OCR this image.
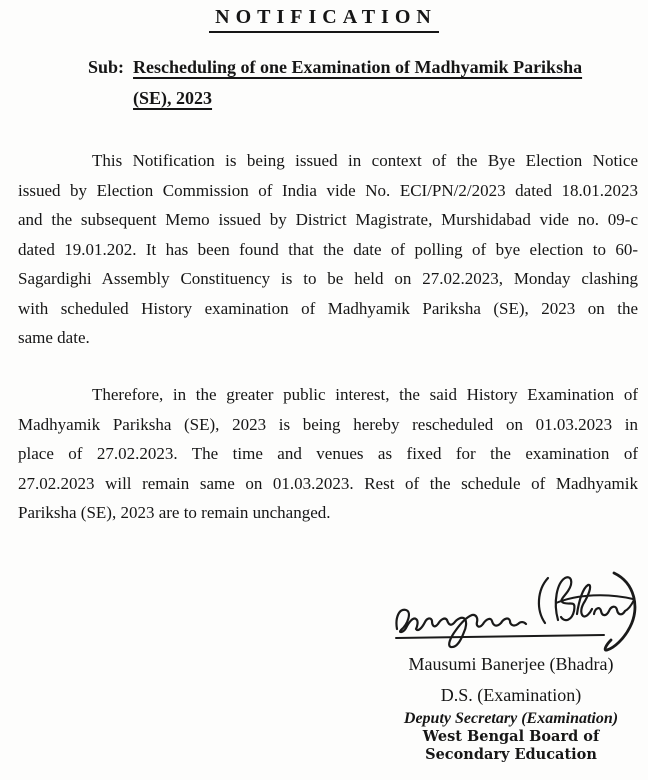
NOTIFICATION
Sub: Rescheduling of one Examination of Madhyamik Pariksha
(SE), 2023
This Notification is being issued in context of the Bye Election Notice
issued by Election Commission of India vide No. ECI/PN/2/2023 dated 18.01.2023
and the subsequent Memo issued by District Magistrate, Murshidabad vide no. 09-c
dated 19.01.202. It has been found that the date of polling of bye election to 60-
Sagardighi Assembly Constituency is to be held on 27.02.2023, Monday clashing
with scheduled History examination of Madhyamik Pariksha (SE), 2023 on the
same date.
Therefore, in the greater public interest, the said History Examination of
Madhyamik Pariksha (SE), 2023 is being hereby rescheduled on 01.03.2023 in
place of 27.02.2023. The time and venues as fixed for the examination of
27.02.2023 will remain same on 01.03.2023. Rest of the schedule of Madhyamik
Pariksha (SE), 2023 are to remain unchanged.
Mausumi Banerjee (Bhadra)
D.S. (Examination)
Deputy Secretary (Examination)
West Bengal Board of
Secondary Education
